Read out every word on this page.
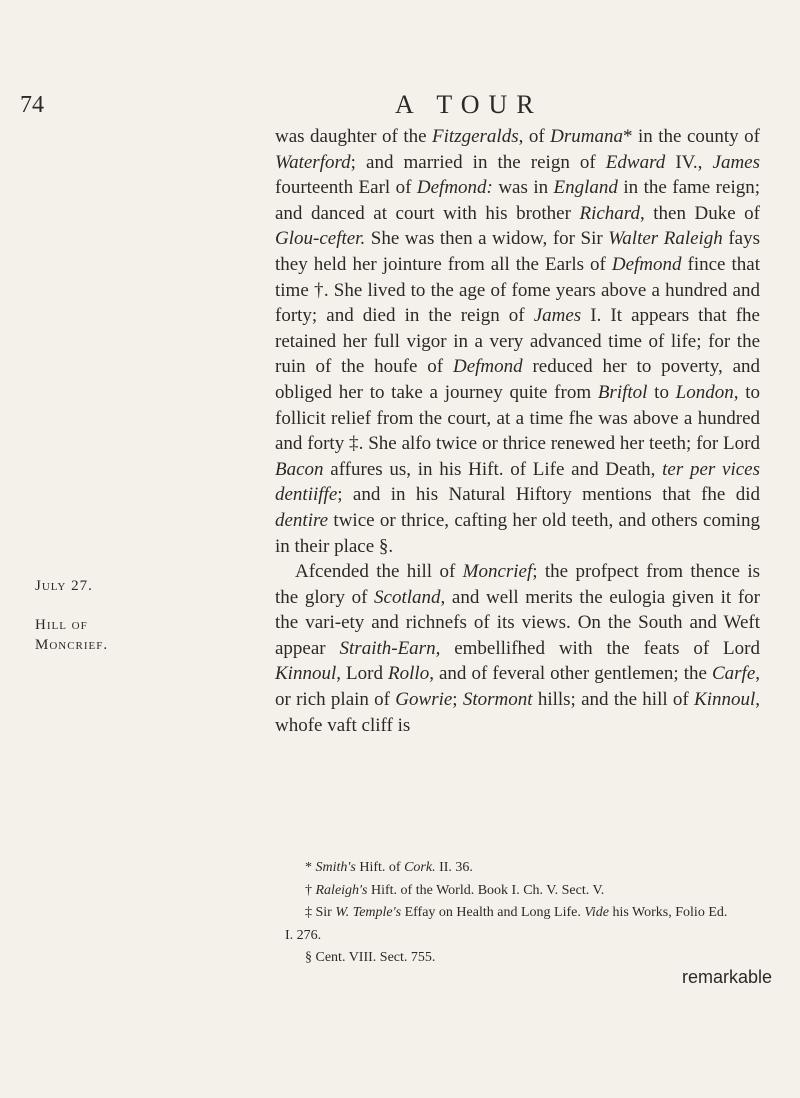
74	A TOUR

was daughter of the Fitzgeralds, of Drumana* in the county of Waterford; and married in the reign of Edward IV., James fourteenth Earl of Defmond: was in England in the fame reign; and danced at court with his brother Richard, then Duke of Glou-cefter. She was then a widow, for Sir Walter Raleigh fays they held her jointure from all the Earls of Defmond fince that time †. She lived to the age of fome years above a hundred and forty; and died in the reign of James I. It appears that fhe retained her full vigor in a very advanced time of life; for the ruin of the houfe of Defmond reduced her to poverty, and obliged her to take a journey quite from Briftol to London, to follicit relief from the court, at a time fhe was above a hundred and forty ‡. She alfo twice or thrice renewed her teeth; for Lord Bacon affures us, in his Hift. of Life and Death, ter per vices dentiiffe; and in his Natural Hiftory mentions that fhe did dentire twice or thrice, cafting her old teeth, and others coming in their place §.

Afcended the hill of Moncrief; the profpect from thence is the glory of Scotland, and well merits the eulogia given it for the vari-ety and richnefs of its views. On the South and Weft appear Straith-Earn, embellifhed with the feats of Lord Kinnoul, Lord Rollo, and of feveral other gentlemen; the Carfe, or rich plain of Gowrie; Stormont hills; and the hill of Kinnoul, whofe vaft cliff is

July 27.
Hill of
Moncrief.

* Smith's Hift. of Cork. II. 36.

† Raleigh's Hift. of the World. Book I. Ch. V. Sect. V.

‡ Sir W. Temple's Effay on Health and Long Life. Vide his Works, Folio Ed.

I. 276.

§ Cent. VIII. Sect. 755.

remarkable
